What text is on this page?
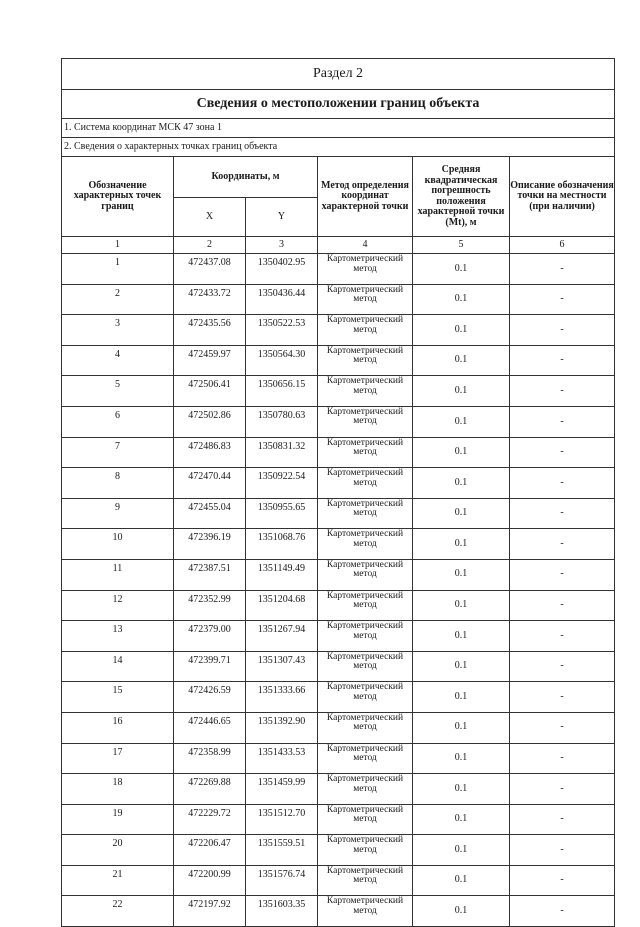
Раздел 2					
Сведения о местоположении границ объекта					
1. Система координат МСК 47 зона 1					
2. Сведения о характерных точках границ объекта					
Обозначение характерных точек границ	Координаты, м		Метод определения координат характерной точки	Средняя квадратическая погрешность положения характерной точки (Mt), м	Описание обозначения точки на местности (при наличии)
	X	Y			
1	2	3	4	5	6
1	472437.08	1350402.95	Картометрический метод	0.1	-
2	472433.72	1350436.44	Картометрический метод	0.1	-
3	472435.56	1350522.53	Картометрический метод	0.1	-
4	472459.97	1350564.30	Картометрический метод	0.1	-
5	472506.41	1350656.15	Картометрический метод	0.1	-
6	472502.86	1350780.63	Картометрический метод	0.1	-
7	472486.83	1350831.32	Картометрический метод	0.1	-
8	472470.44	1350922.54	Картометрический метод	0.1	-
9	472455.04	1350955.65	Картометрический метод	0.1	-
10	472396.19	1351068.76	Картометрический метод	0.1	-
11	472387.51	1351149.49	Картометрический метод	0.1	-
12	472352.99	1351204.68	Картометрический метод	0.1	-
13	472379.00	1351267.94	Картометрический метод	0.1	-
14	472399.71	1351307.43	Картометрический метод	0.1	-
15	472426.59	1351333.66	Картометрический метод	0.1	-
16	472446.65	1351392.90	Картометрический метод	0.1	-
17	472358.99	1351433.53	Картометрический метод	0.1	-
18	472269.88	1351459.99	Картометрический метод	0.1	-
19	472229.72	1351512.70	Картометрический метод	0.1	-
20	472206.47	1351559.51	Картометрический метод	0.1	-
21	472200.99	1351576.74	Картометрический метод	0.1	-
22	472197.92	1351603.35	Картометрический метод	0.1	-
